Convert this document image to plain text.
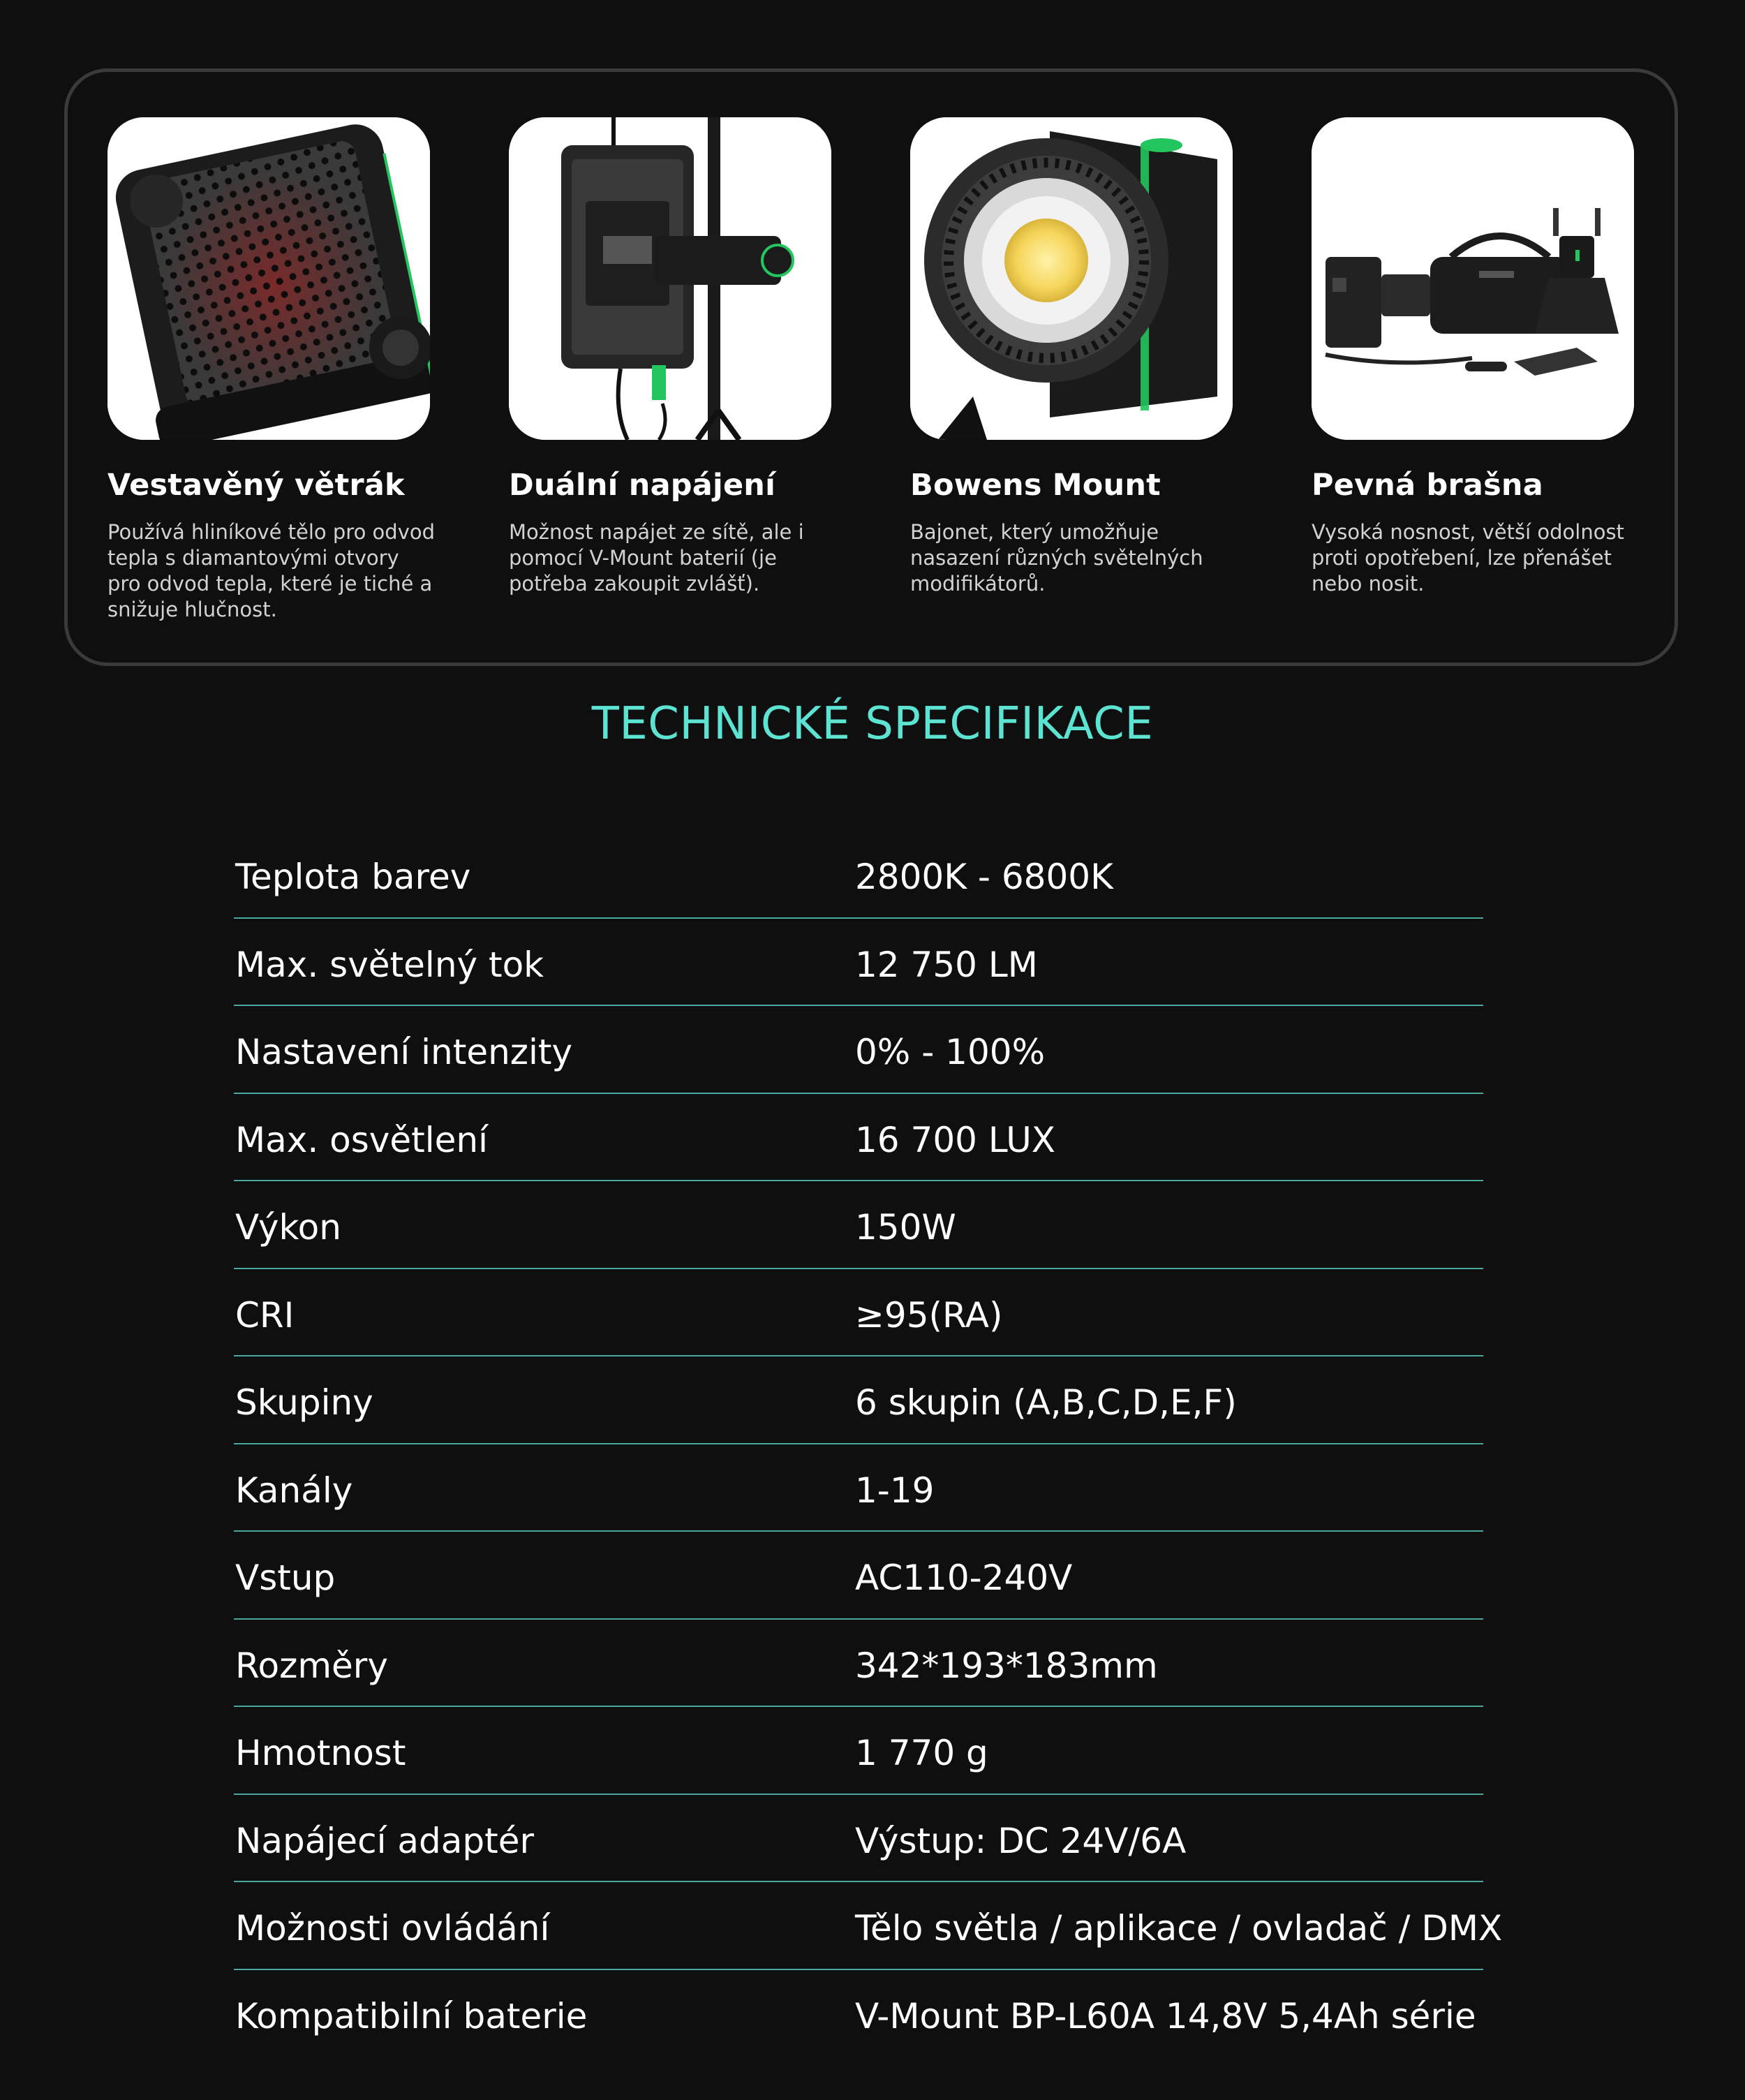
Vestavěný větrák
Používá hliníkové tělo pro odvod tepla s diamantovými otvory pro odvod tepla, které je tiché a snižuje hlučnost.
Duální napájení
Možnost napájet ze sítě, ale i pomocí V-Mount baterií (je potřeba zakoupit zvlášť).
Bowens Mount
Bajonet, který umožňuje nasazení různých světelných modifikátorů.
Pevná brašna
Vysoká nosnost, větší odolnost proti opotřebení, lze přenášet nebo nosit.
TECHNICKÉ SPECIFIKACE
Teplota barev	2800K - 6800K
Max. světelný tok	12 750 LM
Nastavení intenzity	0% - 100%
Max. osvětlení	16 700 LUX
Výkon	150W
CRI	≥95(RA)
Skupiny	6 skupin (A,B,C,D,E,F)
Kanály	1-19
Vstup	AC110-240V
Rozměry	342*193*183mm
Hmotnost	1 770 g
Napájecí adaptér	Výstup: DC 24V/6A
Možnosti ovládání	Tělo světla / aplikace / ovladač / DMX
Kompatibilní baterie	V-Mount BP-L60A 14,8V 5,4Ah série
